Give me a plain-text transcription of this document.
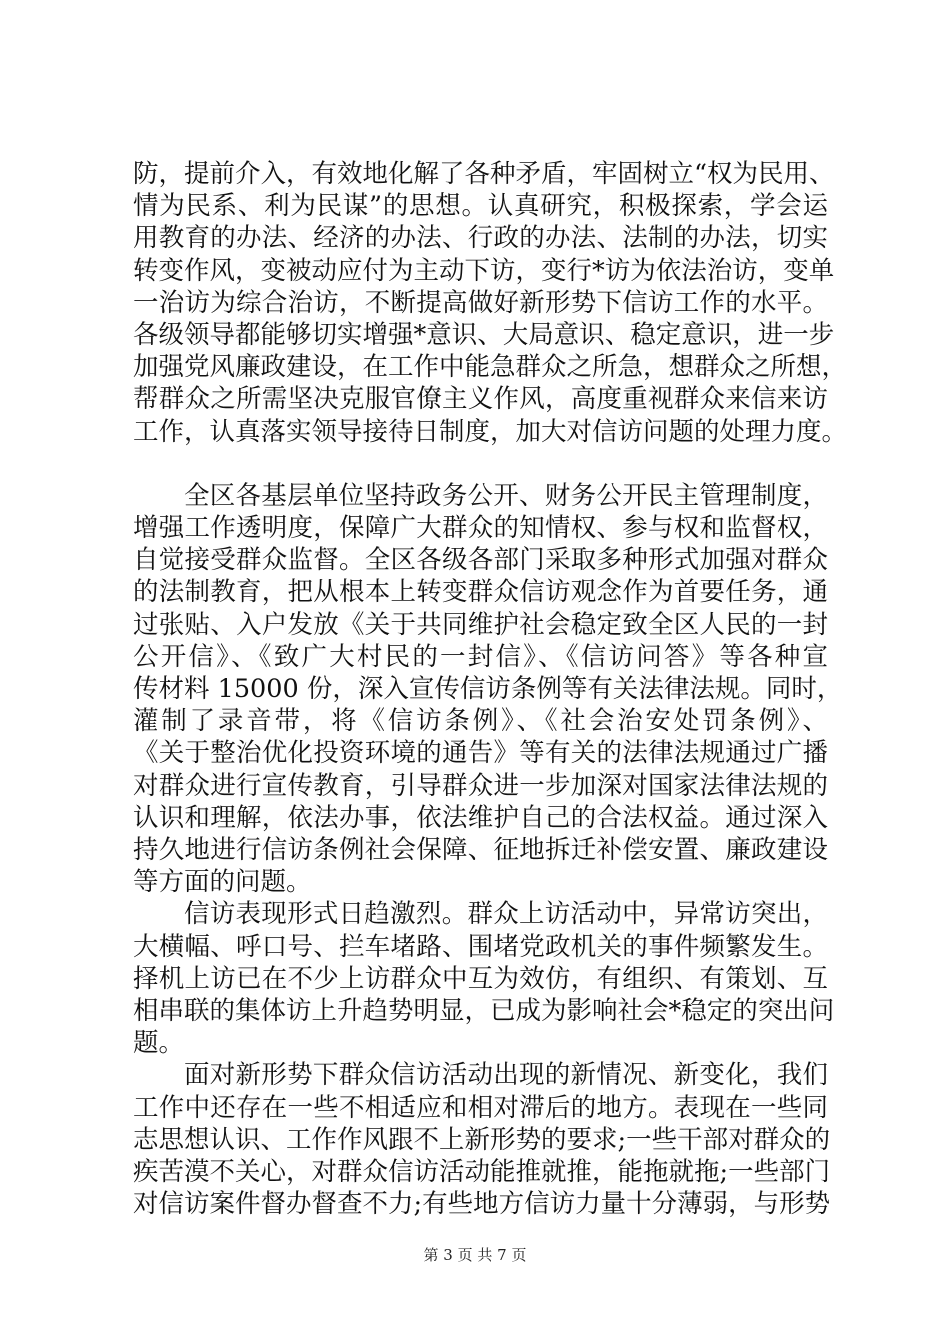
防，提前介入，有效地化解了各种矛盾，牢固树立“权为民用、
情为民系、利为民谋”的思想。认真研究，积极探索，学会运
用教育的办法、经济的办法、行政的办法、法制的办法，切实
转变作风，变被动应付为主动下访，变行*访为依法治访，变单
一治访为综合治访，不断提高做好新形势下信访工作的水平。
各级领导都能够切实增强*意识、大局意识、稳定意识，进一步
加强党风廉政建设，在工作中能急群众之所急，想群众之所想，
帮群众之所需坚决克服官僚主义作风，高度重视群众来信来访
工作，认真落实领导接待日制度，加大对信访问题的处理力度。
全区各基层单位坚持政务公开、财务公开民主管理制度，
增强工作透明度，保障广大群众的知情权、参与权和监督权，
自觉接受群众监督。全区各级各部门采取多种形式加强对群众
的法制教育，把从根本上转变群众信访观念作为首要任务，通
过张贴、入户发放《关于共同维护社会稳定致全区人民的一封
公开信》、《致广大村民的一封信》、《信访问答》等各种宣
传材料 15000 份，深入宣传信访条例等有关法律法规。同时，
灌制了录音带，将《信访条例》、《社会治安处罚条例》、
《关于整治优化投资环境的通告》等有关的法律法规通过广播
对群众进行宣传教育，引导群众进一步加深对国家法律法规的
认识和理解，依法办事，依法维护自己的合法权益。通过深入
持久地进行信访条例社会保障、征地拆迁补偿安置、廉政建设
等方面的问题。
信访表现形式日趋激烈。群众上访活动中，异常访突出，
大横幅、呼口号、拦车堵路、围堵党政机关的事件频繁发生。
择机上访已在不少上访群众中互为效仿，有组织、有策划、互
相串联的集体访上升趋势明显，已成为影响社会*稳定的突出问
题。
面对新形势下群众信访活动出现的新情况、新变化，我们
工作中还存在一些不相适应和相对滞后的地方。表现在一些同
志思想认识、工作作风跟不上新形势的要求;一些干部对群众的
疾苦漠不关心，对群众信访活动能推就推，能拖就拖;一些部门
对信访案件督办督查不力;有些地方信访力量十分薄弱，与形势
第 3 页 共 7 页
